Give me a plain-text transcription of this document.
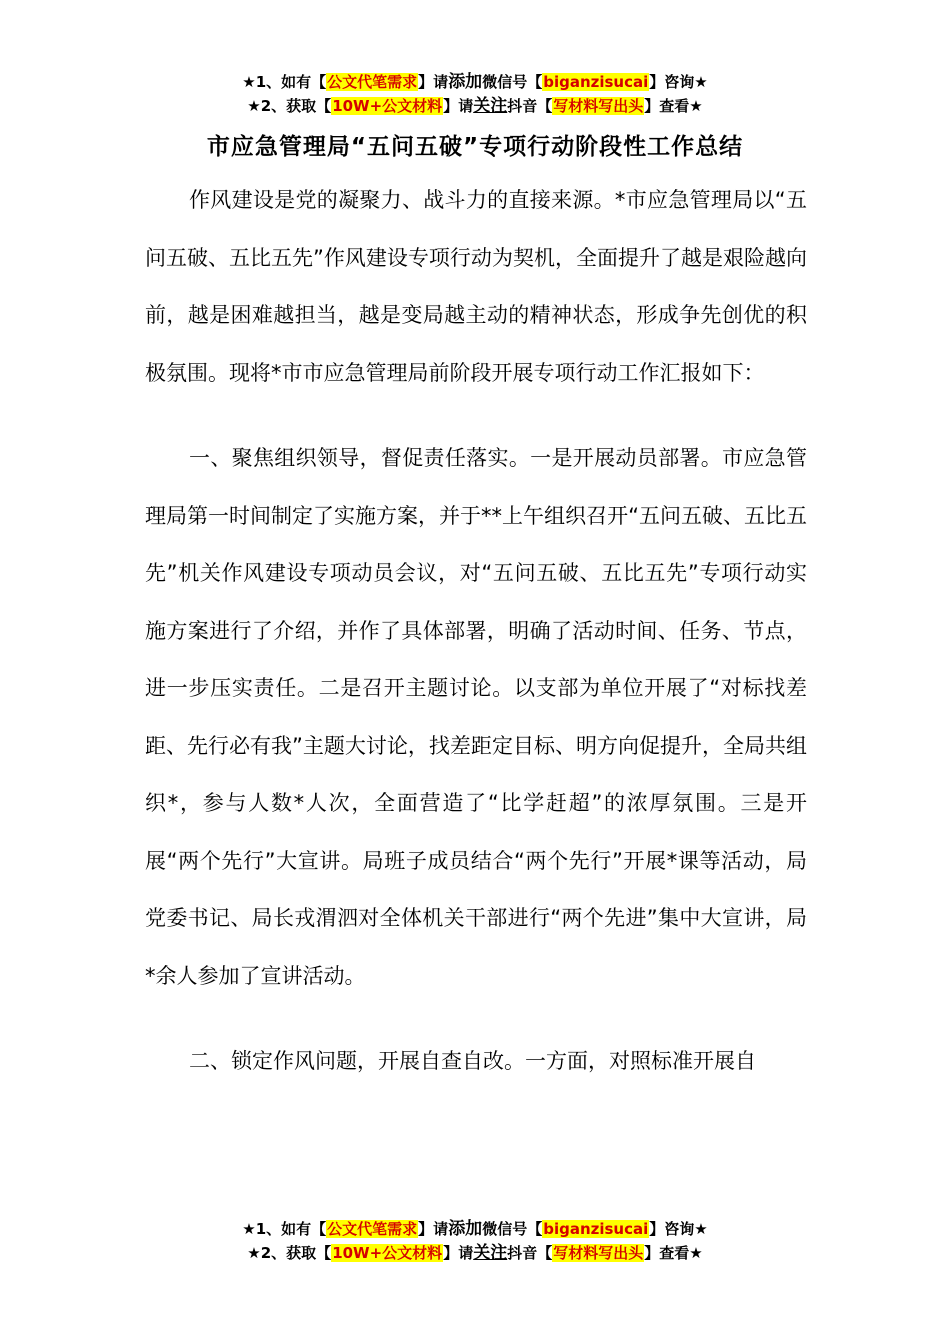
★1、如有【公文代笔需求】请添加微信号【biganzisucai】咨询★
★2、获取【10W+公文材料】请关注抖音【写材料写出头】查看★
市应急管理局“五问五破”专项行动阶段性工作总结

作风建设是党的凝聚力、战斗力的直接来源。*市应急管理局以“五问五破、五比五先”作风建设专项行动为契机，全面提升了越是艰险越向前，越是困难越担当，越是变局越主动的精神状态，形成争先创优的积极氛围。现将*市市应急管理局前阶段开展专项行动工作汇报如下：

一、聚焦组织领导，督促责任落实。一是开展动员部署。市应急管理局第一时间制定了实施方案，并于**上午组织召开“五问五破、五比五先”机关作风建设专项动员会议，对“五问五破、五比五先”专项行动实施方案进行了介绍，并作了具体部署，明确了活动时间、任务、节点，进一步压实责任。二是召开主题讨论。以支部为单位开展了“对标找差距、先行必有我”主题大讨论，找差距定目标、明方向促提升，全局共组织*，参与人数*人次，全面营造了“比学赶超”的浓厚氛围。三是开展“两个先行”大宣讲。局班子成员结合“两个先行”开展*课等活动，局党委书记、局长戎渭泗对全体机关干部进行“两个先进”集中大宣讲，局*余人参加了宣讲活动。

二、锁定作风问题，开展自查自改。一方面，对照标准开展自

★1、如有【公文代笔需求】请添加微信号【biganzisucai】咨询★
★2、获取【10W+公文材料】请关注抖音【写材料写出头】查看★
